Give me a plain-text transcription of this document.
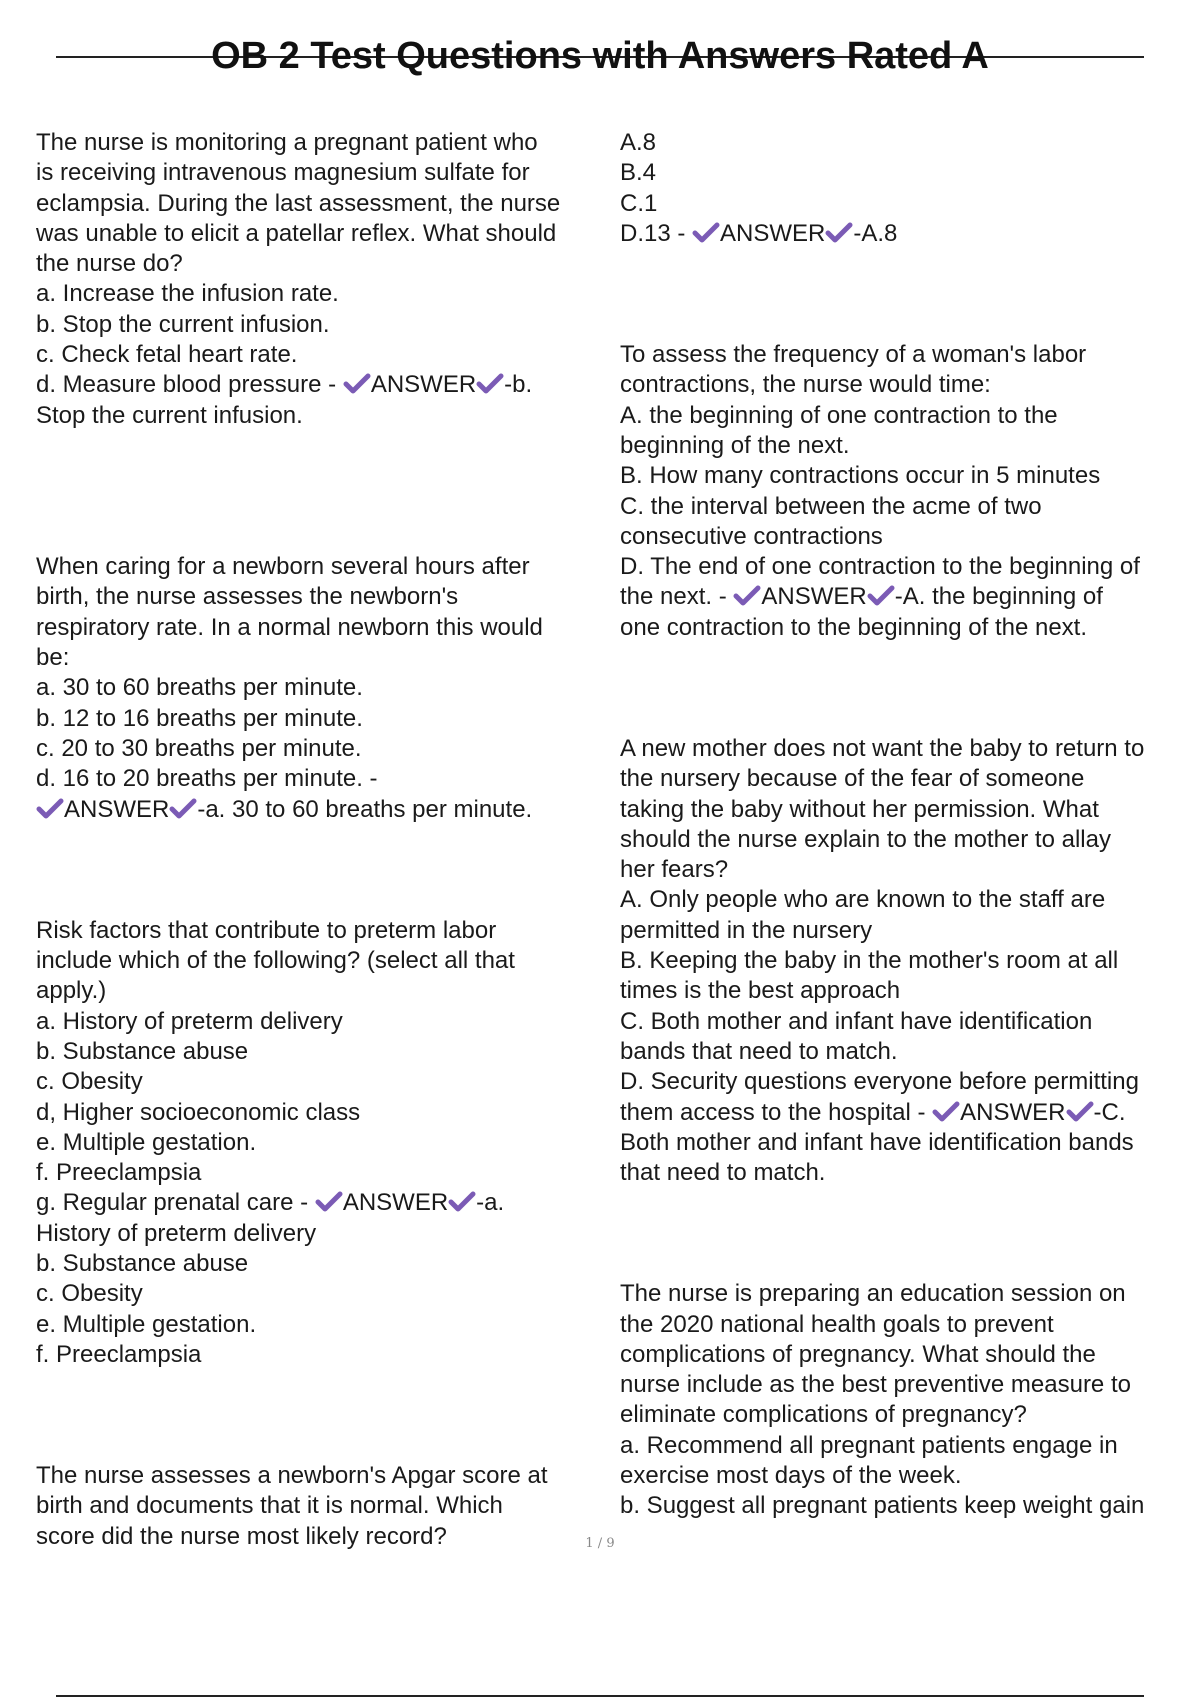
OB 2 Test Questions with Answers Rated A

The nurse is monitoring a pregnant patient who

is receiving intravenous magnesium sulfate for

eclampsia. During the last assessment, the nurse

was unable to elicit a patellar reflex. What should

the nurse do?

a. Increase the infusion rate.

b. Stop the current infusion.

c. Check fetal heart rate.

d. Measure blood pressure -
ANSWER -b.

Stop the current infusion.

When caring for a newborn several hours after

birth, the nurse assesses the newborn's

respiratory rate. In a normal newborn this would

be:

a. 30 to 60 breaths per minute.

b. 12 to 16 breaths per minute.

c. 20 to 30 breaths per minute.

d. 16 to 20 breaths per minute. -

ANSWER -a. 30 to 60 breaths per minute.

Risk factors that contribute to preterm labor

include which of the following? (select all that

apply.)

a. History of preterm delivery

b. Substance abuse

c. Obesity

d, Higher socioeconomic class

e. Multiple gestation.

f. Preeclampsia

g. Regular prenatal care -
ANSWER -a.

History of preterm delivery

b. Substance abuse

c. Obesity

e. Multiple gestation.

f. Preeclampsia

The nurse assesses a newborn's Apgar score at

birth and documents that it is normal. Which

score did the nurse most likely record?

A.8

B.4

C.1

D.13 -
ANSWER -A.8

To assess the frequency of a woman's labor

contractions, the nurse would time:

A. the beginning of one contraction to the

beginning of the next.

B. How many contractions occur in 5 minutes

C. the interval between the acme of two

consecutive contractions

D. The end of one contraction to the beginning of

the next. -
ANSWER -A. the beginning of

one contraction to the beginning of the next.

A new mother does not want the baby to return to

the nursery because of the fear of someone

taking the baby without her permission. What

should the nurse explain to the mother to allay

her fears?

A. Only people who are known to the staff are

permitted in the nursery

B. Keeping the baby in the mother's room at all

times is the best approach

C. Both mother and infant have identification

bands that need to match.

D. Security questions everyone before permitting

them access to the hospital -
ANSWER -C.

Both mother and infant have identification bands

that need to match.

The nurse is preparing an education session on

the 2020 national health goals to prevent

complications of pregnancy. What should the

nurse include as the best preventive measure to

eliminate complications of pregnancy?

a. Recommend all pregnant patients engage in

exercise most days of the week.

b. Suggest all pregnant patients keep weight gain

1 / 9
